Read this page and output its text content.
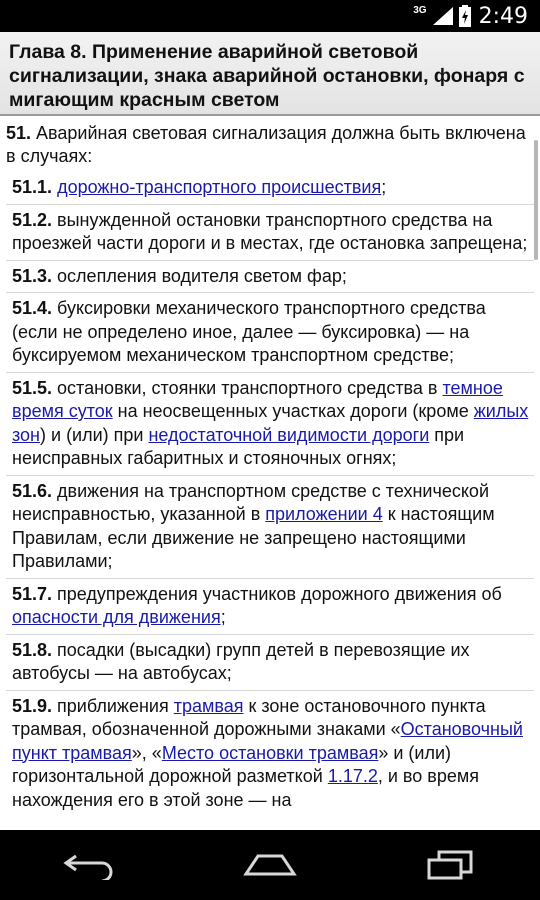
3G 2:49
Глава 8. Применение аварийной световой сигнализации, знака аварийной остановки, фонаря с мигающим красным светом

51. Аварийная световая сигнализация должна быть включена в случаях:

51.1. дорожно-транспортного происшествия;
51.2. вынужденной остановки транспортного средства на проезжей части дороги и в местах, где остановка запрещена;
51.3. ослепления водителя светом фар;
51.4. буксировки механического транспортного средства (если не определено иное, далее — буксировка) — на буксируемом механическом транспортном средстве;
51.5. остановки, стоянки транспортного средства в темное время суток на неосвещенных участках дороги (кроме жилых зон) и (или) при недостаточной видимости дороги при неисправных габаритных и стояночных огнях;
51.6. движения на транспортном средстве с технической неисправностью, указанной в приложении 4 к настоящим Правилам, если движение не запрещено настоящими Правилами;
51.7. предупреждения участников дорожного движения об опасности для движения;
51.8. посадки (высадки) групп детей в перевозящие их автобусы — на автобусах;
51.9. приближения трамвая к зоне остановочного пункта трамвая, обозначенной дорожными знаками «Остановочный пункт трамвая», «Место остановки трамвая» и (или) горизонтальной дорожной разметкой 1.17.2, и во время нахождения его в этой зоне — на
